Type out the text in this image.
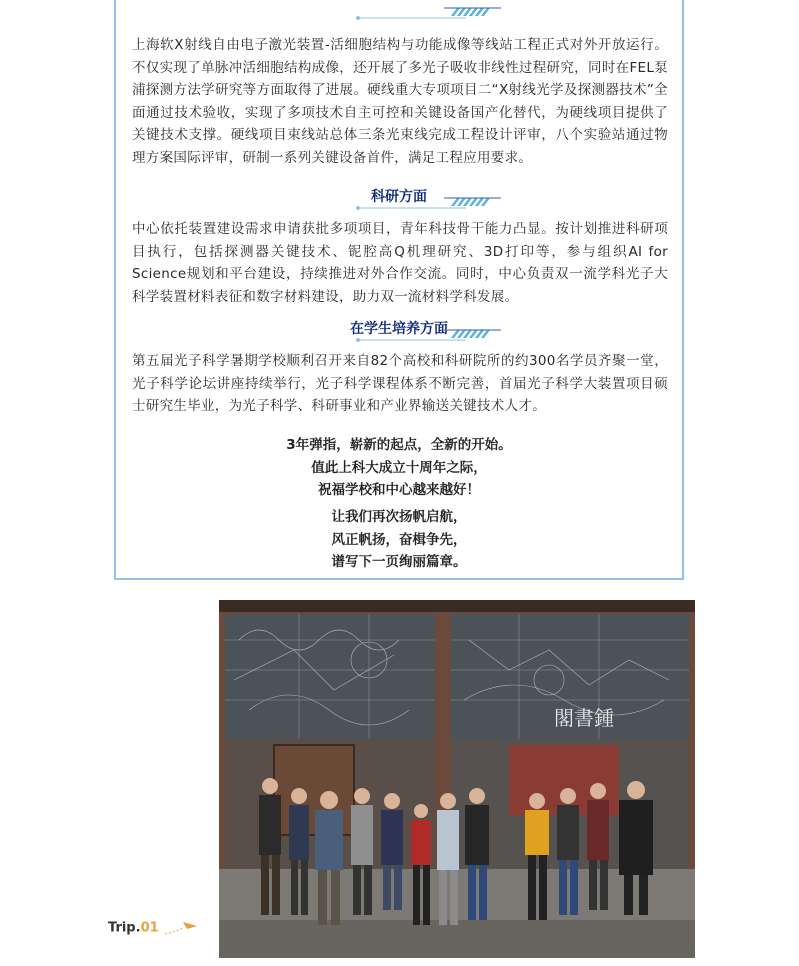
上海软X射线自由电子激光装置-活细胞结构与功能成像等线站工程正式对外开放运行。不仅实现了单脉冲活细胞结构成像，还开展了多光子吸收非线性过程研究，同时在FEL泵浦探测方法学研究等方面取得了进展。硬线重大专项项目二“X射线光学及探测器技术”全面通过技术验收，实现了多项技术自主可控和关键设备国产化替代，为硬线项目提供了关键技术支撑。硬线项目束线站总体三条光束线完成工程设计评审，八个实验站通过物理方案国际评审，研制一系列关键设备首件，满足工程应用要求。

科研方面

中心依托装置建设需求申请获批多项项目，青年科技骨干能力凸显。按计划推进科研项目执行，包括探测器关键技术、铌腔高Q机理研究、3D打印等，参与组织AI for Science规划和平台建设，持续推进对外合作交流。同时，中心负责双一流学科光子大科学装置材料表征和数字材料建设，助力双一流材料学科发展。

在学生培养方面

第五届光子科学暑期学校顺利召开来自82个高校和科研院所的约300名学员齐聚一堂，光子科学论坛讲座持续举行，光子科学课程体系不断完善，首届光子科学大装置项目硕士研究生毕业，为光子科学、科研事业和产业界输送关键技术人才。

3年弹指，崭新的起点，全新的开始。
值此上科大成立十周年之际，
祝福学校和中心越来越好！
让我们再次扬帆启航，
风正帆扬，奋楫争先，
谱写下一页绚丽篇章。
閣書鍾
Trip.01
